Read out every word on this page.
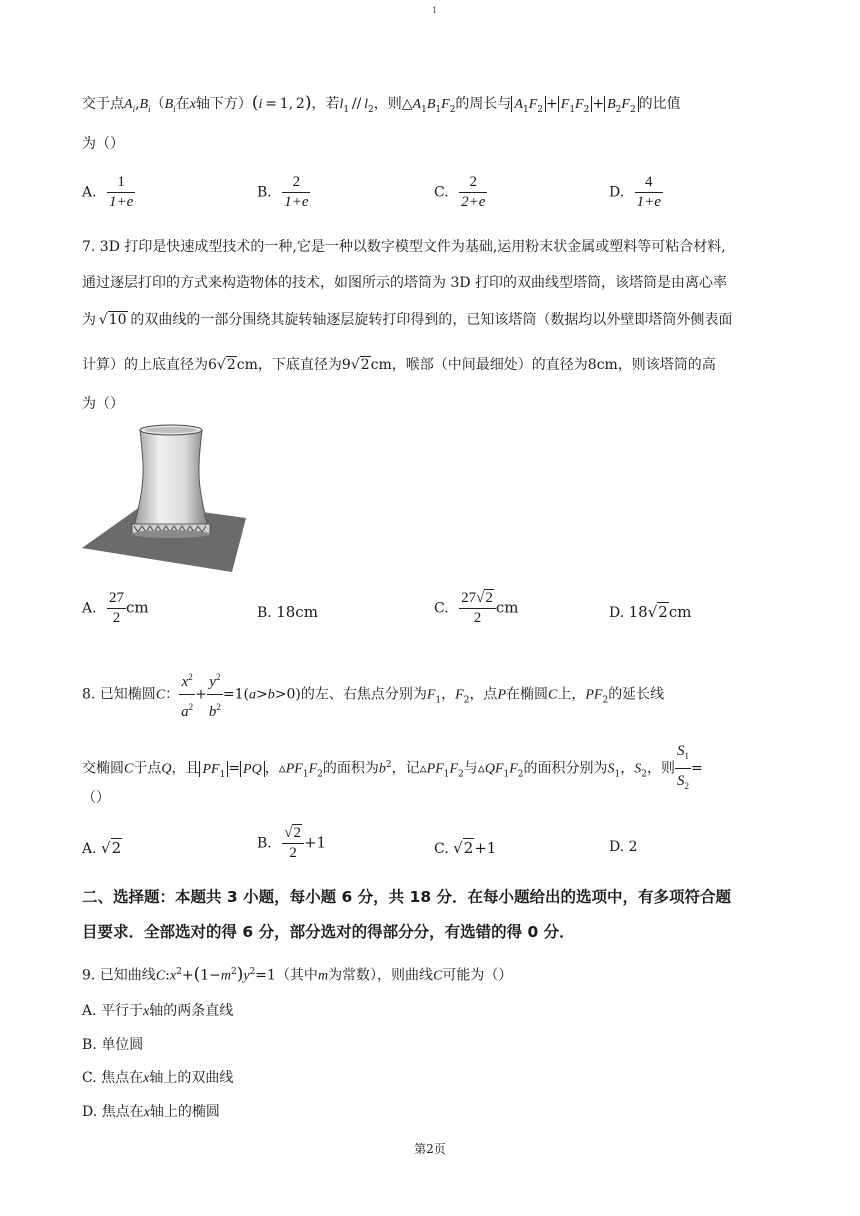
1
交于点$A_i,B_i(B_i$在x轴下方）(i = 1, 2)，若$l_1 // l_2$，则$\triangle A_1B_1F_2$的周长与 $A_1F_2 + F_1F_2 + B_2F_2$ 的比值
为（）
A. $\frac{1}{1+e}$	B. $\frac{2}{1+e}$	C. $\frac{2}{2+e}$	D. $\frac{4}{1+e}$
7. 3D 打印是快速成型技术的一种,它是一种以数字模型文件为基础,运用粉末状金属或塑料等可粘合材料,
通过逐层打印的方式来构造物体的技术，如图所示的塔筒为 3D 打印的双曲线型塔筒，该塔筒是由离心率
为  √10  的双曲线的一部分围绕其旋转轴逐层旋转打印得到的，已知该塔筒（数据均以外壁即塔筒外侧表面
计算）的上底直径为6√2cm，下底直径为9√2cm，喉部（中间最细处）的直径为8cm，则该塔筒的高
为（）
A. $\frac{27}{2}$ cm	B. 18cm	C. $\frac{27√2}{2}$ cm	D. 18√2cm
8. 已知椭圆C： $\frac{x^2}{a^2} + \frac{y^2}{b^2} =1(a>b>0)$的左、右焦点分别为$F_1$，$F_2$，点P在椭圆C上，$PF_2$的延长线
交椭圆C于点Q，且 $PF_1$ = PQ ，$▵PF_1F_2$的面积为$b^2$，记$▵PF_1F_2$与$▵QF_1F_2$的面积分别为$S_1$，$S_2$，则 $\frac{S_1}{S_2}$ =
（）
A. √2	B. $\frac{√2}{2} +1$	C. √2+1	D. 2
二、选择题：本题共 3 小题，每小题 6 分，共 18 分．在每小题给出的选项中，有多项符合题
目要求．全部选对的得 6 分，部分选对的得部分分，有选错的得 0 分．
9. 已知曲线$C:x^2+(1-m^2)y^2=1$（其中m为常数），则曲线C可能为（）
A. 平行于x轴的两条直线
B. 单位圆
C. 焦点在x轴上的双曲线
D. 焦点在x轴上的椭圆
第2页
